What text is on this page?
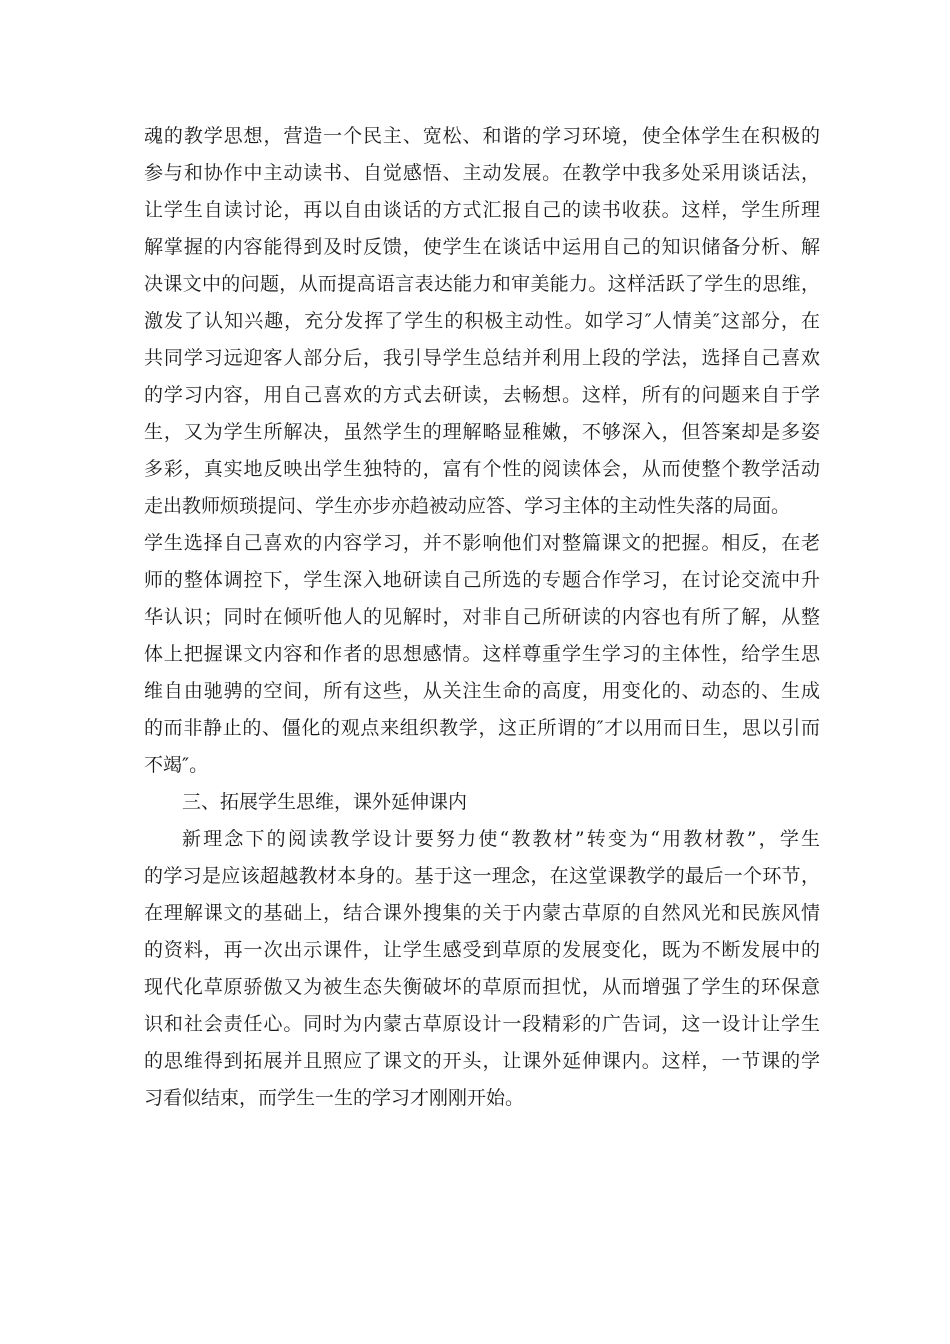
魂的教学思想，营造一个民主、宽松、和谐的学习环境，使全体学生在积极的
参与和协作中主动读书、自觉感悟、主动发展。在教学中我多处采用谈话法，
让学生自读讨论，再以自由谈话的方式汇报自己的读书收获。这样，学生所理
解掌握的内容能得到及时反馈，使学生在谈话中运用自己的知识储备分析、解
决课文中的问题，从而提高语言表达能力和审美能力。这样活跃了学生的思维，
激发了认知兴趣，充分发挥了学生的积极主动性。如学习″人情美″这部分，在
共同学习远迎客人部分后，我引导学生总结并利用上段的学法，选择自己喜欢
的学习内容，用自己喜欢的方式去研读，去畅想。这样，所有的问题来自于学
生，又为学生所解决，虽然学生的理解略显稚嫩，不够深入，但答案却是多姿
多彩，真实地反映出学生独特的，富有个性的阅读体会，从而使整个教学活动
走出教师烦琐提问、学生亦步亦趋被动应答、学习主体的主动性失落的局面。
学生选择自己喜欢的内容学习，并不影响他们对整篇课文的把握。相反，在老
师的整体调控下，学生深入地研读自己所选的专题合作学习，在讨论交流中升
华认识；同时在倾听他人的见解时，对非自己所研读的内容也有所了解，从整
体上把握课文内容和作者的思想感情。这样尊重学生学习的主体性，给学生思
维自由驰骋的空间，所有这些，从关注生命的高度，用变化的、动态的、生成
的而非静止的、僵化的观点来组织教学，这正所谓的″才以用而日生，思以引而
不竭″。
三、拓展学生思维，课外延伸课内
新理念下的阅读教学设计要努力使“教教材”转变为“用教材教”，学生
的学习是应该超越教材本身的。基于这一理念，在这堂课教学的最后一个环节，
在理解课文的基础上，结合课外搜集的关于内蒙古草原的自然风光和民族风情
的资料，再一次出示课件，让学生感受到草原的发展变化，既为不断发展中的
现代化草原骄傲又为被生态失衡破坏的草原而担忧，从而增强了学生的环保意
识和社会责任心。同时为内蒙古草原设计一段精彩的广告词，这一设计让学生
的思维得到拓展并且照应了课文的开头，让课外延伸课内。这样，一节课的学
习看似结束，而学生一生的学习才刚刚开始。
